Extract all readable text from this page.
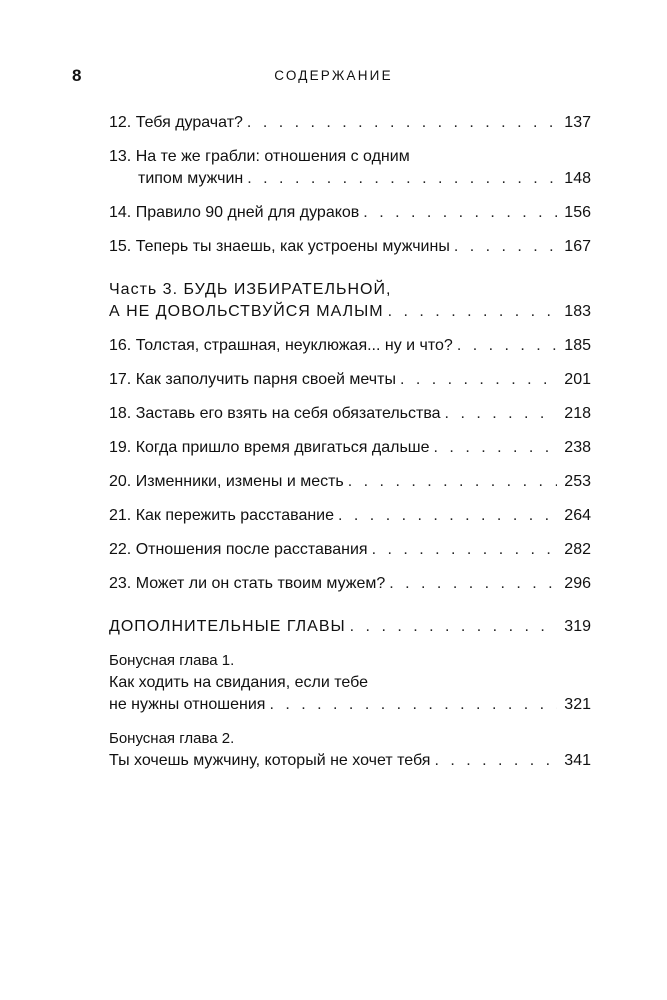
8	СОДЕРЖАНИЕ
12. Тебя дурачат? . . .	137
13. На те же грабли: отношения с одним
типом мужчин . . .	148
14. Правило 90 дней для дураков . . .	156
15. Теперь ты знаешь, как устроены мужчины . . .	167
Часть 3. БУДЬ ИЗБИРАТЕЛЬНОЙ,
А НЕ ДОВОЛЬСТВУЙСЯ МАЛЫМ . . .	183
16. Толстая, страшная, неуклюжая... ну и что? . . .	185
17. Как заполучить парня своей мечты . . .	201
18. Заставь его взять на себя обязательства . . .	218
19. Когда пришло время двигаться дальше . . .	238
20. Изменники, измены и месть . . .	253
21. Как пережить расставание . . .	264
22. Отношения после расставания . . .	282
23. Может ли он стать твоим мужем? . . .	296
ДОПОЛНИТЕЛЬНЫЕ ГЛАВЫ . . .	319
Бонусная глава 1.
Как ходить на свидания, если тебе
не нужны отношения . . .	321
Бонусная глава 2.
Ты хочешь мужчину, который не хочет тебя . . .	341
